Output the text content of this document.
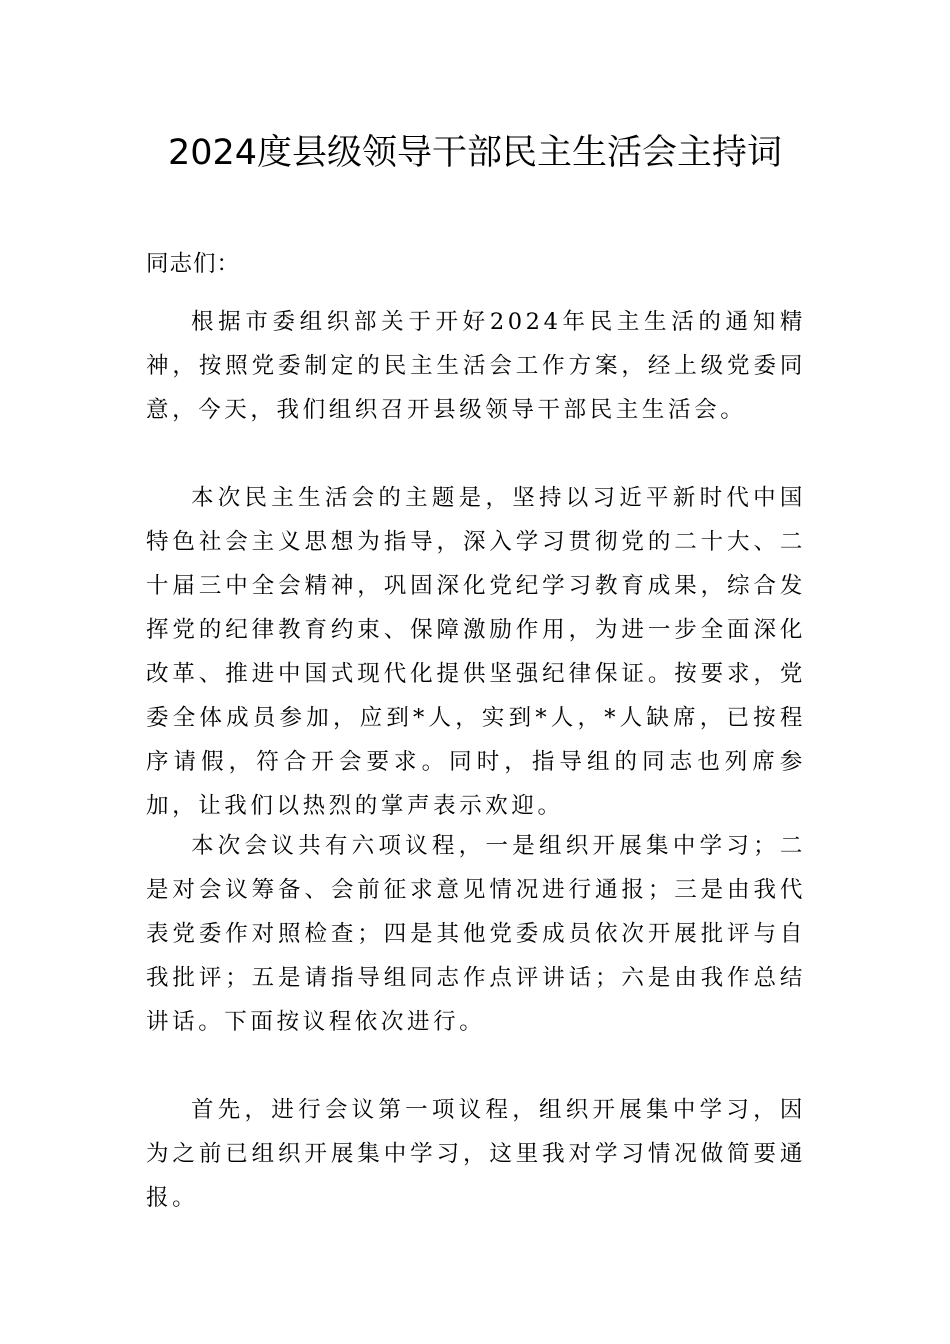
2024度县级领导干部民主生活会主持词

同志们：

根据市委组织部关于开好2024年民主生活的通知精神，按照党委制定的民主生活会工作方案，经上级党委同意，今天，我们组织召开县级领导干部民主生活会。

本次民主生活会的主题是，坚持以习近平新时代中国特色社会主义思想为指导，深入学习贯彻党的二十大、二十届三中全会精神，巩固深化党纪学习教育成果，综合发挥党的纪律教育约束、保障激励作用，为进一步全面深化改革、推进中国式现代化提供坚强纪律保证。按要求，党委全体成员参加，应到*人，实到*人，*人缺席，已按程序请假，符合开会要求。同时，指导组的同志也列席参加，让我们以热烈的掌声表示欢迎。

本次会议共有六项议程，一是组织开展集中学习；二是对会议筹备、会前征求意见情况进行通报；三是由我代表党委作对照检查；四是其他党委成员依次开展批评与自我批评；五是请指导组同志作点评讲话；六是由我作总结讲话。下面按议程依次进行。

首先，进行会议第一项议程，组织开展集中学习，因为之前已组织开展集中学习，这里我对学习情况做简要通报。
